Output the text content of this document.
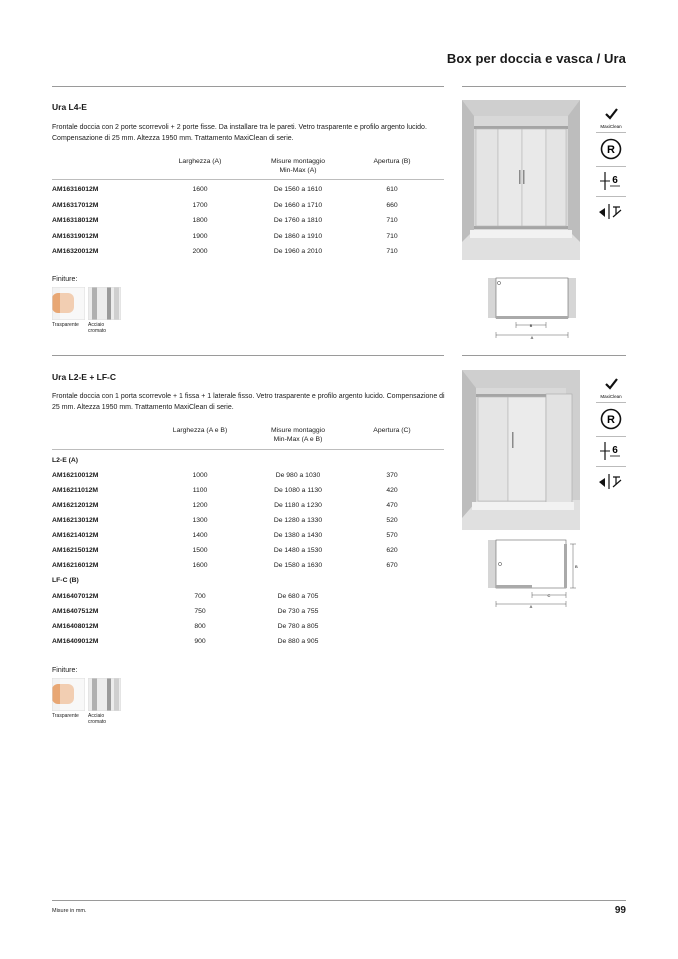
Box per doccia e vasca / Ura
Ura L4-E
Frontale doccia con 2 porte scorrevoli + 2 porte fisse. Da installare tra le pareti. Vetro trasparente e profilo argento lucido. Compensazione di 25 mm. Altezza 1950 mm. Trattamento MaxiClean di serie.
Larghezza (A)	Misure montaggio
Min-Max (A)
Apertura (B)
AM16316012M	1600	De 1560 a 1610	610
AM16317012M	1700	De 1660 a 1710	660
AM16318012M	1800	De 1760 a 1810	710
AM16319012M	1900	De 1860 a 1910	710
AM16320012M	2000	De 1960 a 2010	710
Finiture:
Trasparente Acciaio
cromato
B
A
MaxiClean
R
6
Ura L2-E + LF-C
Frontale doccia con 1 porta scorrevole + 1 fissa + 1 laterale fisso. Vetro trasparente e profilo argento lucido. Compensazione di 25 mm. Altezza 1950 mm. Trattamento MaxiClean di serie.
Larghezza (A e B)	Misure montaggio
Min-Max (A e B)
Apertura (C)
L2-E (A)
AM16210012M	1000	De 980 a 1030	370
AM16211012M	1100	De 1080 a 1130	420
AM16212012M	1200	De 1180 a 1230	470
AM16213012M	1300	De 1280 a 1330	520
AM16214012M	1400	De 1380 a 1430	570
AM16215012M	1500	De 1480 a 1530	620
AM16216012M	1600	De 1580 a 1630	670
LF-C (B)
AM16407012M	700	De 680 a 705
AM16407512M	750	De 730 a 755
AM16408012M	800	De 780 a 805
AM16409012M	900	De 880 a 905
Finiture:
Trasparente Acciaio
cromato
B
C
A
MaxiClean
R
6
Misure in mm.	99
